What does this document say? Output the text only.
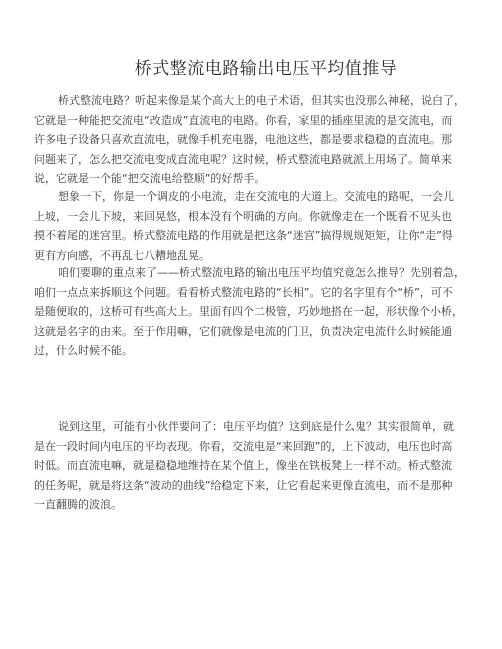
桥式整流电路输出电压平均值推导

桥式整流电路？听起来像是某个高大上的电子术语，但其实也没那么神秘，说白了，
它就是一种能把交流电“改造成”直流电的电路。你看，家里的插座里流的是交流电，而
许多电子设备只喜欢直流电，就像手机充电器，电池这些，都是要求稳稳的直流电。那
问题来了，怎么把交流电变成直流电呢？这时候，桥式整流电路就派上用场了。简单来
说，它就是一个能“把交流电给整顺”的好帮手。

想象一下，你是一个调皮的小电流，走在交流电的大道上。交流电的路呢，一会儿
上坡，一会儿下坡，来回晃悠，根本没有个明确的方向。你就像走在一个既看不见头也
摸不着尾的迷宫里。桥式整流电路的作用就是把这条“迷宫”搞得规规矩矩，让你“走”得
更有方向感，不再乱七八糟地乱晃。

咱们要聊的重点来了——桥式整流电路的输出电压平均值究竟怎么推导？先别着急，
咱们一点点来拆顺这个问题。看看桥式整流电路的“长相”。它的名字里有个“桥”，可不
是随便取的，这桥可有些高大上。里面有四个二极管，巧妙地搭在一起，形状像个小桥，
这就是名字的由来。至于作用嘛，它们就像是电流的门卫，负责决定电流什么时候能通
过，什么时候不能。

说到这里，可能有小伙伴要问了：电压平均值？这到底是什么鬼？其实很简单，就
是在一段时间内电压的平均表现。你看，交流电是“来回跑”的，上下波动，电压也时高
时低。而直流电嘛，就是稳稳地维持在某个值上，像坐在铁板凳上一样不动。桥式整流
的任务呢，就是将这条“波动的曲线”给稳定下来，让它看起来更像直流电，而不是那种
一直翻腾的波浪。
